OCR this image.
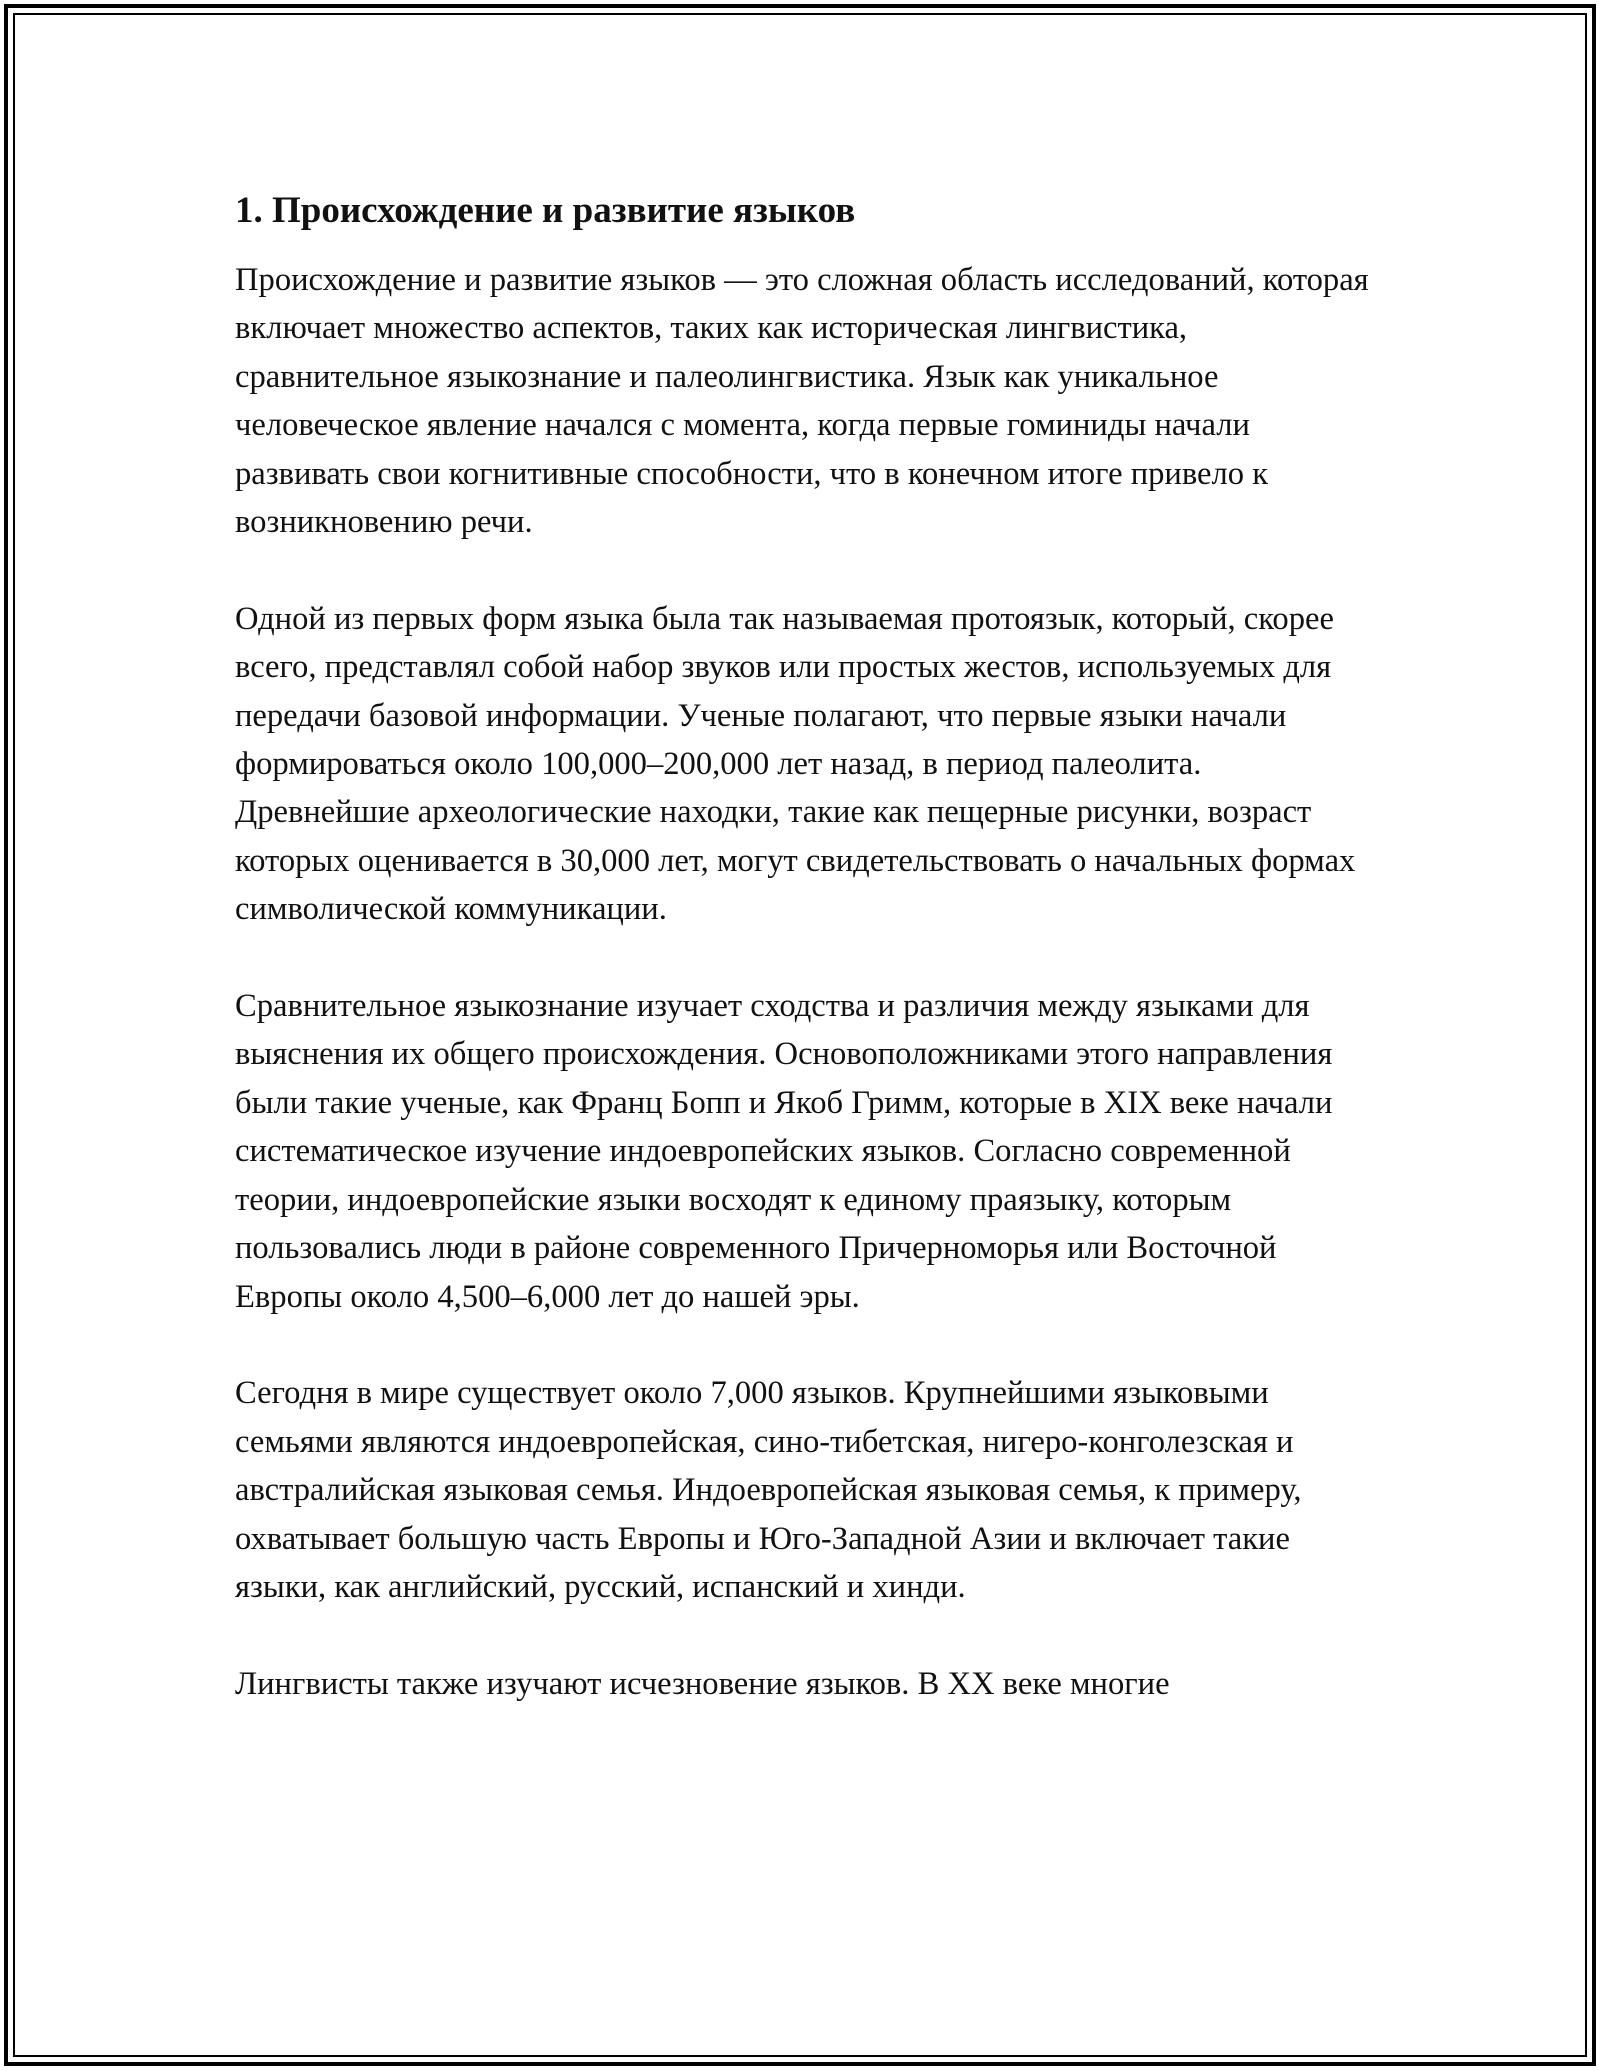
1. Происхождение и развитие языков

Происхождение и развитие языков — это сложная область исследований, которая включает множество аспектов, таких как историческая лингвистика, сравнительное языкознание и палеолингвистика. Язык как уникальное человеческое явление начался с момента, когда первые гоминиды начали развивать свои когнитивные способности, что в конечном итоге привело к возникновению речи.

Одной из первых форм языка была так называемая протоязык, который, скорее всего, представлял собой набор звуков или простых жестов, используемых для передачи базовой информации. Ученые полагают, что первые языки начали формироваться около 100,000–200,000 лет назад, в период палеолита. Древнейшие археологические находки, такие как пещерные рисунки, возраст которых оценивается в 30,000 лет, могут свидетельствовать о начальных формах символической коммуникации.

Сравнительное языкознание изучает сходства и различия между языками для выяснения их общего происхождения. Основоположниками этого направления были такие ученые, как Франц Бопп и Якоб Гримм, которые в XIX веке начали систематическое изучение индоевропейских языков. Согласно современной теории, индоевропейские языки восходят к единому праязыку, которым пользовались люди в районе современного Причерноморья или Восточной Европы около 4,500–6,000 лет до нашей эры.

Сегодня в мире существует около 7,000 языков. Крупнейшими языковыми семьями являются индоевропейская, сино-тибетская, нигеро-конголезская и австралийская языковая семья. Индоевропейская языковая семья, к примеру, охватывает большую часть Европы и Юго-Западной Азии и включает такие языки, как английский, русский, испанский и хинди.

Лингвисты также изучают исчезновение языков. В XX веке многие
